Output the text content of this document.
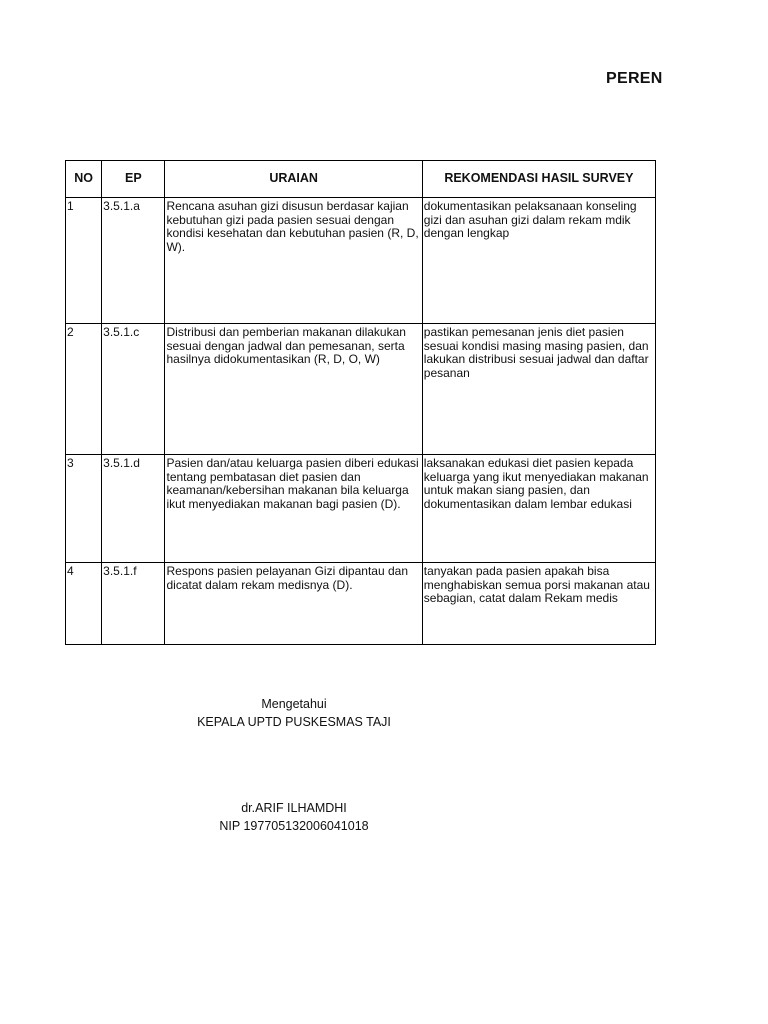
PEREN
NO	EP	URAIAN	REKOMENDASI HASIL SURVEY
1	3.5.1.a	Rencana asuhan gizi disusun berdasar kajian kebutuhan gizi pada pasien sesuai dengan kondisi kesehatan dan kebutuhan pasien (R, D, W).	dokumentasikan pelaksanaan konseling gizi dan asuhan gizi dalam rekam mdik dengan lengkap
2	3.5.1.c	Distribusi dan pemberian makanan dilakukan sesuai dengan jadwal dan pemesanan, serta hasilnya didokumentasikan (R, D, O, W)	pastikan pemesanan jenis diet pasien sesuai kondisi masing masing pasien, dan lakukan distribusi sesuai jadwal dan daftar pesanan
3	3.5.1.d	Pasien dan/atau keluarga pasien diberi edukasi tentang pembatasan diet pasien dan keamanan/kebersihan makanan bila keluarga ikut menyediakan makanan bagi pasien (D).	laksanakan edukasi diet pasien kepada keluarga yang ikut menyediakan makanan untuk makan siang pasien, dan dokumentasikan dalam lembar edukasi
4	3.5.1.f	Respons pasien pelayanan Gizi dipantau dan dicatat dalam rekam medisnya (D).	tanyakan pada pasien apakah bisa menghabiskan semua porsi makanan atau sebagian, catat dalam Rekam medis
Mengetahui
KEPALA UPTD PUSKESMAS TAJI
dr.ARIF ILHAMDHI
NIP 197705132006041018
